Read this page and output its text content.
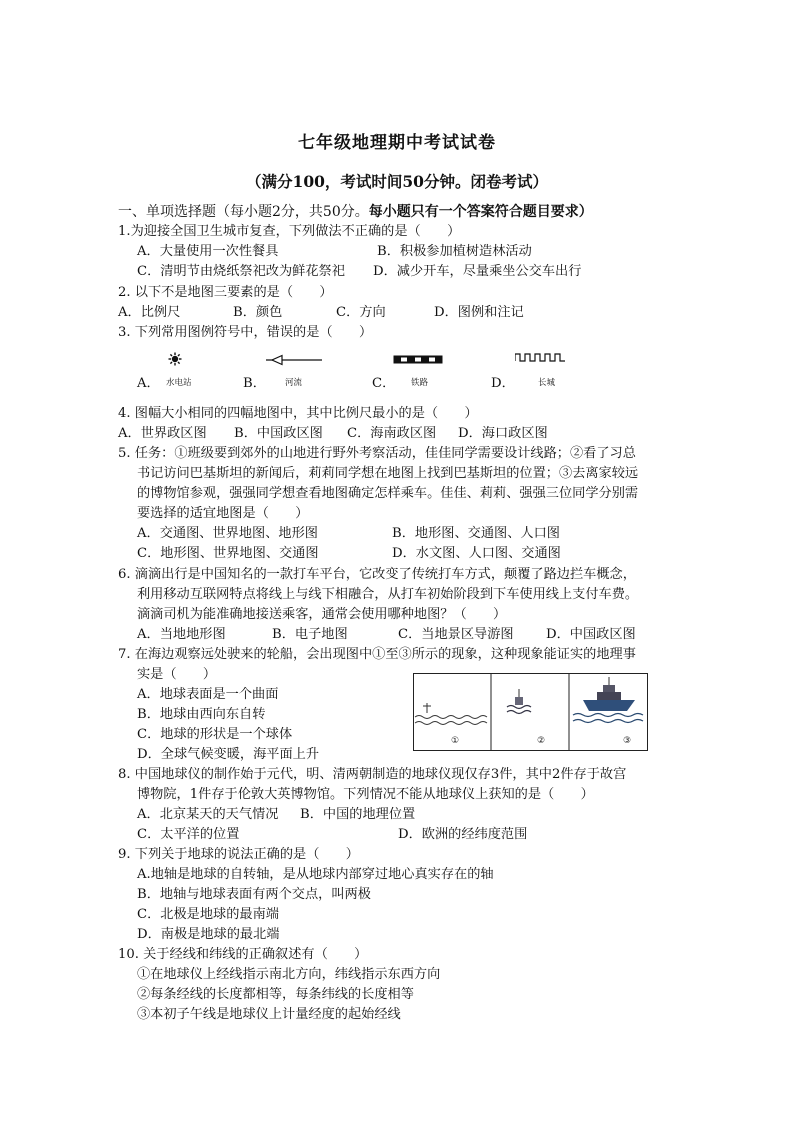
七年级地理期中考试试卷
（满分100，考试时间50分钟。闭卷考试）
一、单项选择题（每小题2分，共50分。每小题只有一个答案符合题目要求）
1.为迎接全国卫生城市复查，下列做法不正确的是（　　）
A．大量使用一次性餐具	B．积极参加植树造林活动
C．清明节由烧纸祭祀改为鲜花祭祀 D．减少开车，尽量乘坐公交车出行
2. 以下不是地图三要素的是（　　）
A．比例尺	B．颜色	C．方向	D．图例和注记
3. 下列常用图例符号中，错误的是（　　）
A． 水电站	B． 河流	C． 铁路	D．	长城
4. 图幅大小相同的四幅地图中，其中比例尺最小的是（　　）
A．世界政区图 B．中国政区图 C．海南政区图 D．海口政区图
5. 任务：①班级要到郊外的山地进行野外考察活动，佳佳同学需要设计线路；②看了习总
书记访问巴基斯坦的新闻后，莉莉同学想在地图上找到巴基斯坦的位置；③去离家较远
的博物馆参观，强强同学想查看地图确定怎样乘车。佳佳、莉莉、强强三位同学分别需
要选择的适宜地图是（　　）
A．交通图、世界地图、地形图	B．地形图、交通图、人口图
C．地形图、世界地图、交通图	D．水文图、人口图、交通图
6. 滴滴出行是中国知名的一款打车平台，它改变了传统打车方式，颠覆了路边拦车概念，
利用移动互联网特点将线上与线下相融合，从打车初始阶段到下车使用线上支付车费。
滴滴司机为能准确地接送乘客，通常会使用哪种地图？（　　）
A．当地地形图	B．电子地图	C．当地景区导游图 D．中国政区图
7. 在海边观察远处驶来的轮船，会出现图中①至③所示的现象，这种现象能证实的地理事
实是（　　）
A．地球表面是一个曲面
B．地球由西向东自转
C．地球的形状是一个球体
D．全球气候变暖，海平面上升
①	②	③
8. 中国地球仪的制作始于元代，明、清两朝制造的地球仪现仅存3件，其中2件存于故宫
博物院，1件存于伦敦大英博物馆。下列情况不能从地球仪上获知的是（　　）
A．北京某天的天气情况 B．中国的地理位置
C．太平洋的位置	D．欧洲的经纬度范围
9. 下列关于地球的说法正确的是（　　）
A.地轴是地球的自转轴，是从地球内部穿过地心真实存在的轴
B．地轴与地球表面有两个交点，叫两极
C．北极是地球的最南端
D．南极是地球的最北端
10. 关于经线和纬线的正确叙述有（　　）
①在地球仪上经线指示南北方向，纬线指示东西方向
②每条经线的长度都相等，每条纬线的长度相等
③本初子午线是地球仪上计量经度的起始经线
